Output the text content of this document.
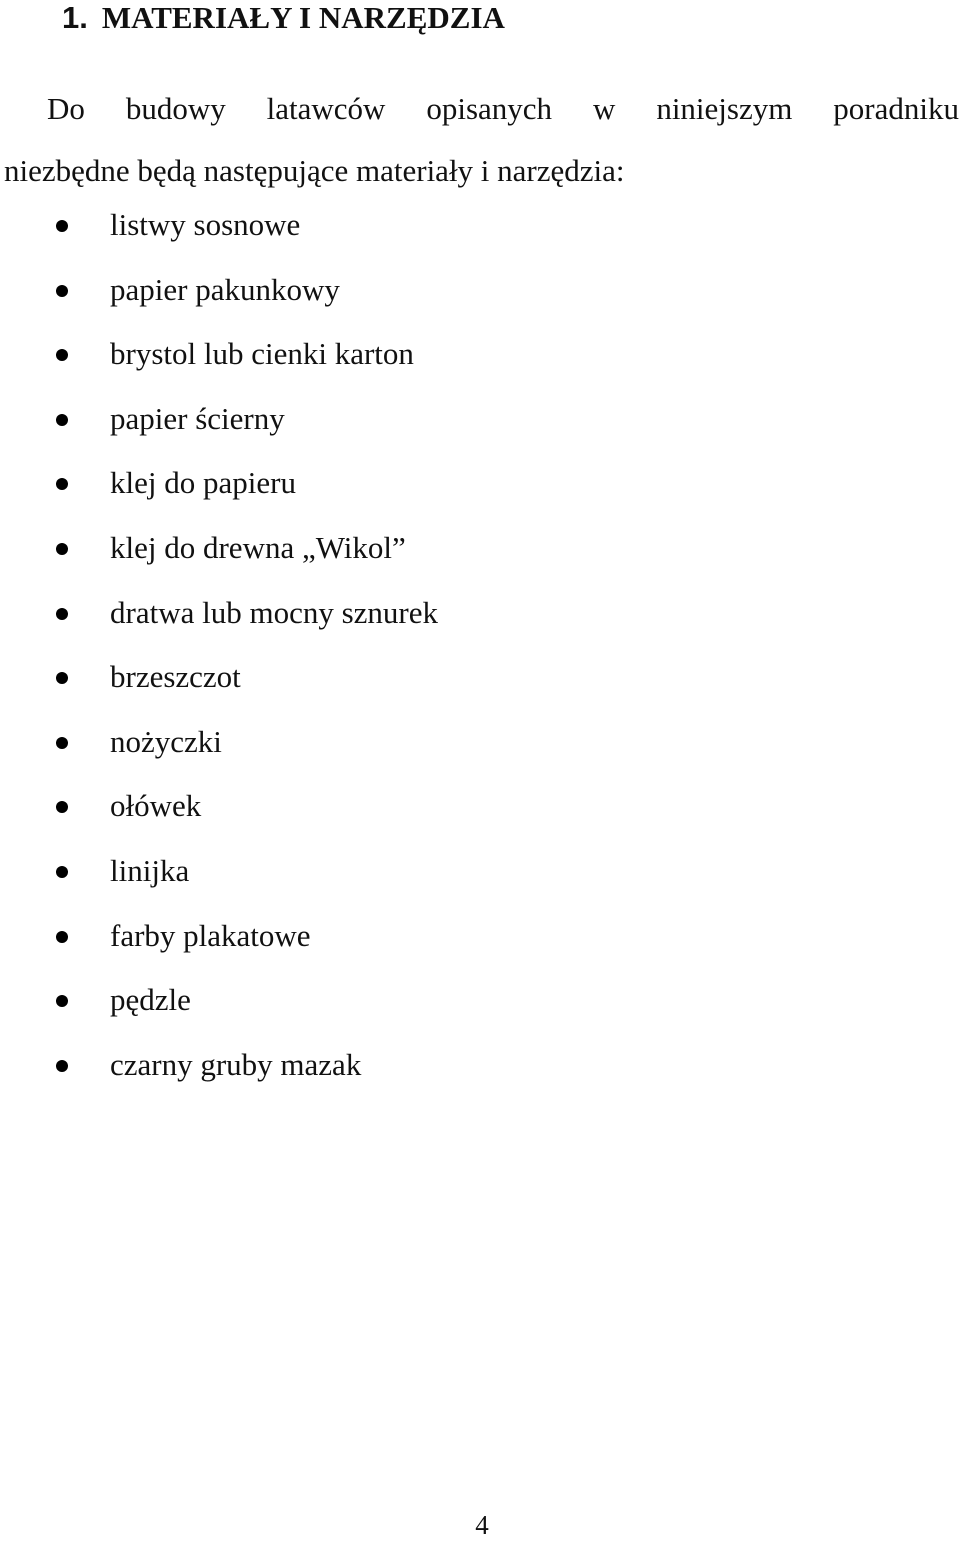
1. MATERIAŁY I NARZĘDZIA

Do budowy latawców opisanych w niniejszym poradniku
niezbędne będą następujące materiały i narzędzia:

listwy sosnowe
papier pakunkowy
brystol lub cienki karton
papier ścierny
klej do papieru
klej do drewna „Wikol”
dratwa lub mocny sznurek
brzeszczot
nożyczki
ołówek
linijka
farby plakatowe
pędzle
czarny gruby mazak
4
